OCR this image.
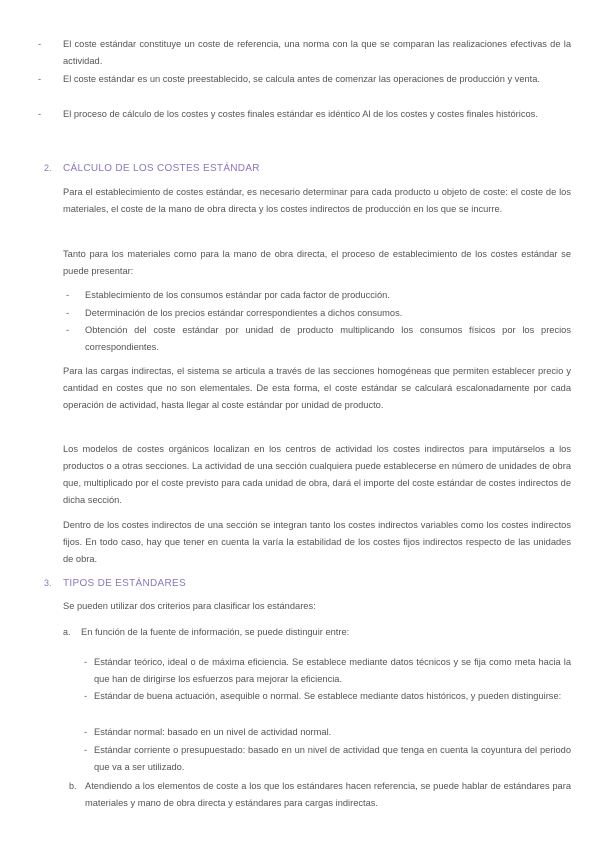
- El coste estándar constituye un coste de referencia, una norma con la que se comparan las realizaciones efectivas de la actividad.

- El coste estándar es un coste preestablecido, se calcula antes de comenzar las operaciones de producción y venta.

- El proceso de cálculo de los costes y costes finales estándar es idéntico Al de los costes y costes finales históricos.

2. CÁLCULO DE LOS COSTES ESTÁNDAR

Para el establecimiento de costes estándar, es necesario determinar para cada producto u objeto de coste: el coste de los materiales, el coste de la mano de obra directa y los costes indirectos de producción en los que se incurre.

Tanto para los materiales como para la mano de obra directa, el proceso de establecimiento de los costes estándar se puede presentar:

- Establecimiento de los consumos estándar por cada factor de producción.

- Determinación de los precios estándar correspondientes a dichos consumos.

- Obtención del coste estándar por unidad de producto multiplicando los consumos físicos por los precios correspondientes.

Para las cargas indirectas, el sistema se articula a través de las secciones homogéneas que permiten establecer precio y cantidad en costes que no son elementales. De esta forma, el coste estándar se calculará escalonadamente por cada operación de actividad, hasta llegar al coste estándar por unidad de producto.

Los modelos de costes orgánicos localizan en los centros de actividad los costes indirectos para imputárselos a los productos o a otras secciones. La actividad de una sección cualquiera puede establecerse en número de unidades de obra que, multiplicado por el coste previsto para cada unidad de obra, dará el importe del coste estándar de costes indirectos de dicha sección.

Dentro de los costes indirectos de una sección se integran tanto los costes indirectos variables como los costes indirectos fijos. En todo caso, hay que tener en cuenta la varía la estabilidad de los costes fijos indirectos respecto de las unidades de obra.

3. TIPOS DE ESTÁNDARES

Se pueden utilizar dos criterios para clasificar los estándares:

a. En función de la fuente de información, se puede distinguir entre:

- Estándar teórico, ideal o de máxima eficiencia. Se establece mediante datos técnicos y se fija como meta hacia la que han de dirigirse los esfuerzos para mejorar la eficiencia.

- Estándar de buena actuación, asequible o normal. Se establece mediante datos históricos, y pueden distinguirse:

- Estándar normal: basado en un nivel de actividad normal.

- Estándar corriente o presupuestado: basado en un nivel de actividad que tenga en cuenta la coyuntura del periodo que va a ser utilizado.

b. Atendiendo a los elementos de coste a los que los estándares hacen referencia, se puede hablar de estándares para materiales y mano de obra directa y estándares para cargas indirectas.
